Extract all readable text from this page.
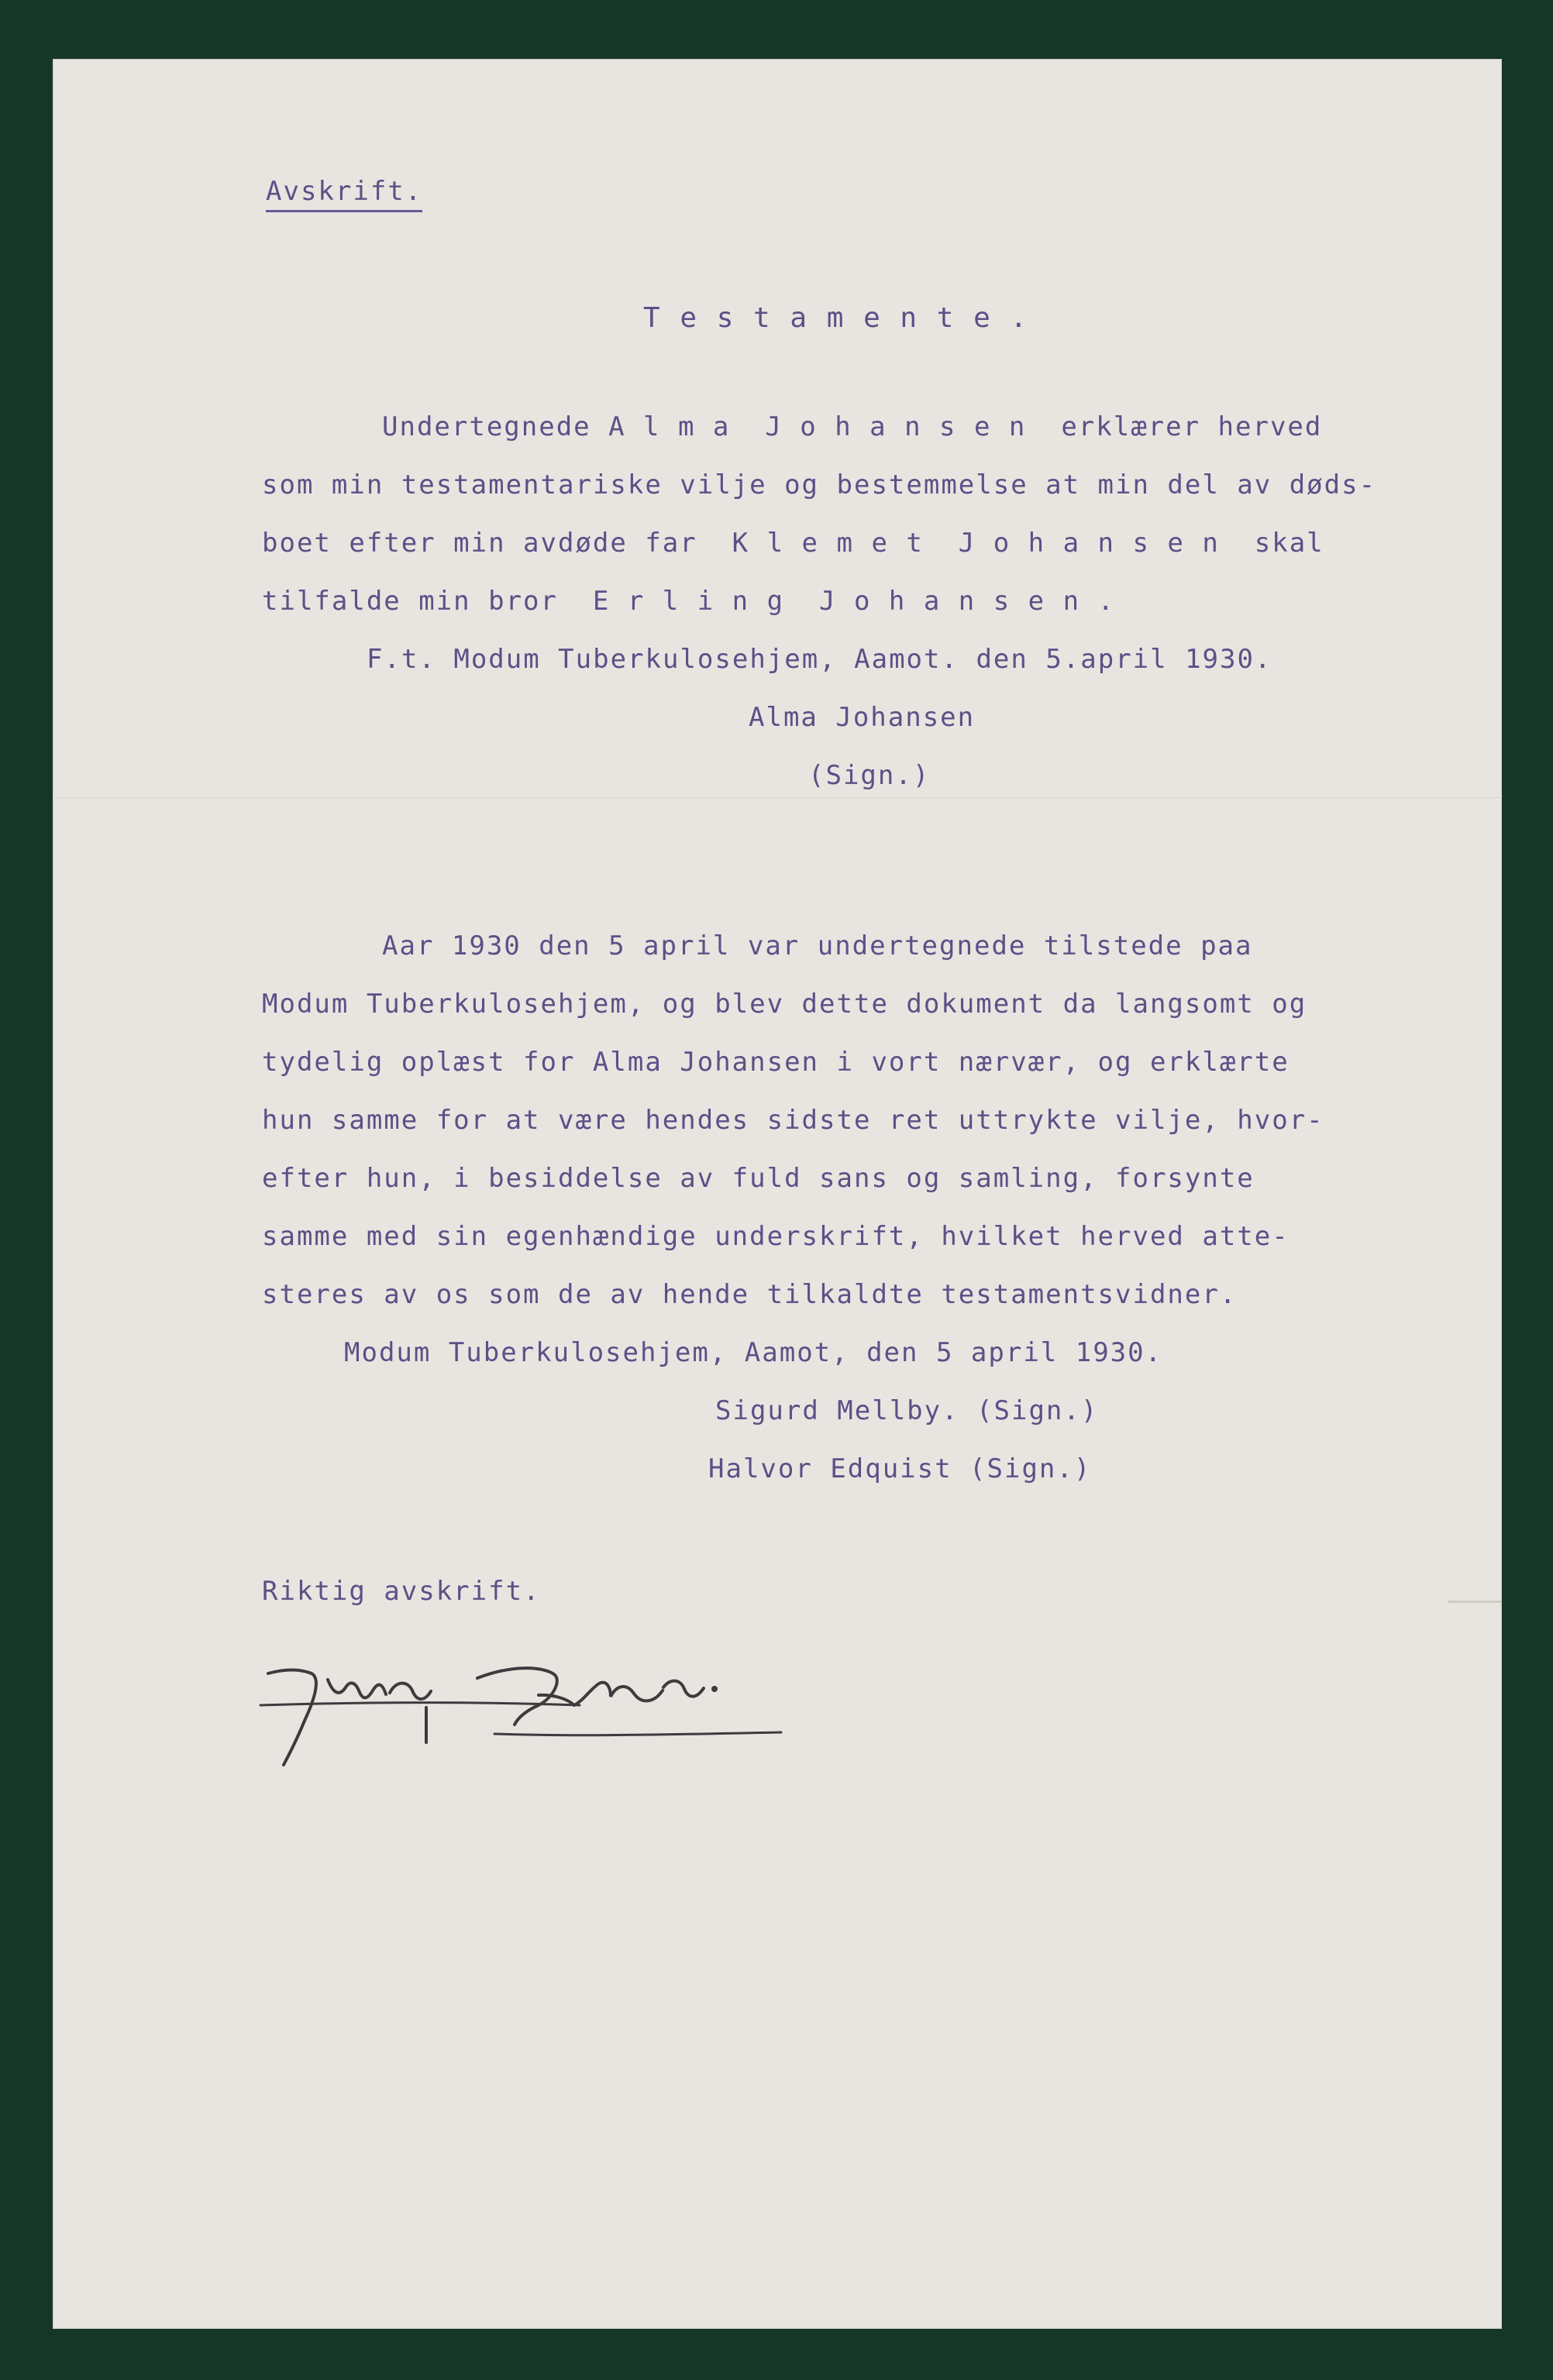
Avskrift.
T e s t a m e n t e .
Undertegnede A l m a  J o h a n s e n  erklærer herved
som min testamentariske vilje og bestemmelse at min del av døds-
boet efter min avdøde far  K l e m e t  J o h a n s e n  skal
tilfalde min bror  E r l i n g  J o h a n s e n .
F.t. Modum Tuberkulosehjem, Aamot. den 5.april 1930.
Alma Johansen
(Sign.)
Aar 1930 den 5 april var undertegnede tilstede paa
Modum Tuberkulosehjem, og blev dette dokument da langsomt og
tydelig oplæst for Alma Johansen i vort nærvær, og erklærte
hun samme for at være hendes sidste ret uttrykte vilje, hvor-
efter hun, i besiddelse av fuld sans og samling, forsynte
samme med sin egenhændige underskrift, hvilket herved atte-
steres av os som de av hende tilkaldte testamentsvidner.
Modum Tuberkulosehjem, Aamot, den 5 april 1930.
Sigurd Mellby. (Sign.)
Halvor Edquist (Sign.)
Riktig avskrift.
